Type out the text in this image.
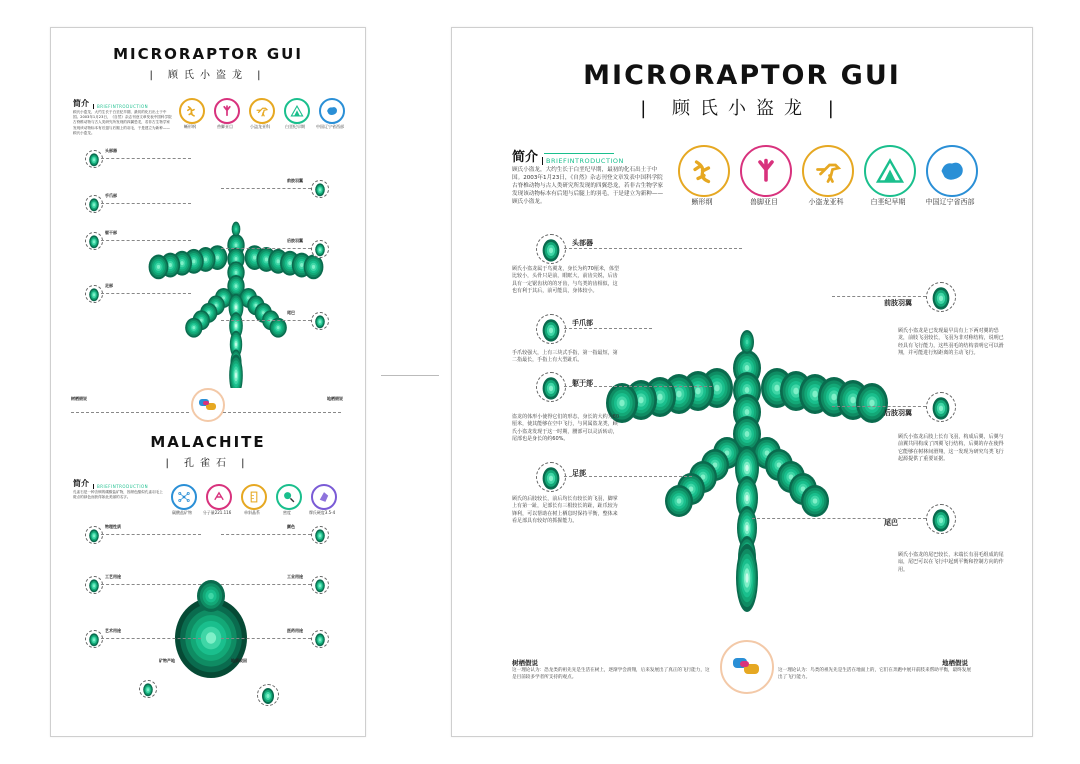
MICRORAPTOR GUI
| 顾氏小盗龙 |
简介	BRIEFINTRODUCTION
顾氏小盗龙，大约生长于白垩纪早期，最初的化石出土于中国。2003年1月23日，《自然》杂志刊登文章发表中国科学院古脊椎动物与古人类研究所发现的四翼恐龙，若非古生物学家发现该动物标本有后翅与后腿上的羽毛，于是建立为新种——顾氏小盗龙。
蜥形纲	兽脚亚目	小盗龙亚科	白垩纪早期	中国辽宁省西部
头部器
手爪部
躯干部
足部
前肢羽翼
后肢羽翼
尾巴
树栖假说	地栖假说
MALACHITE
| 孔雀石 |
简介	BRIEFINTRODUCTION
孔雀石是一种含铜的碳酸盐矿物，因颜色酷似孔雀羽毛上斑点的绿色而获得如此美丽的名字。
碳酸盐矿物	分子量221.116	单斜晶系	密度	摩氏硬度3.5-4
物理性质
工艺用途
艺术用途
颜色
工业用途
医药用途
矿物产地	地质成因
MICRORAPTOR GUI
| 顾氏小盗龙 |
简介	BRIEFINTRODUCTION
顾氏小盗龙，大约生长于白垩纪早期，最初的化石出土于中国。2003年1月23日，《自然》杂志刊登文章发表中国科学院古脊椎动物与古人类研究所发现的四翼恐龙，若非古生物学家发现该动物标本有后翅与后腿上的羽毛，于是建立为新种——顾氏小盗龙。	蜥形纲	兽脚亚目	小盗龙亚科	白垩纪早期	中国辽宁省西部
头部器
顾氏小盗龙属于鸟翼龙，身长为约70厘米，体型比较小，头骨只是前，眼眶大，前齿尖锐，后齿具有一定锯齿状的的牙齿，与鸟类的齿相似，这也有利于其后，前可能具，身体较小。
手爪部
手爪较强大，上有三块式手指，第一指最短，第二指最长，手指上有大型趾爪。
躯干部
盗龙的体形小使得它们的形态，身长的大约为80厘米，使其能够在空中飞行，与同属盗龙类，顾氏小盗龙发现于这一时期，腰部可以灵活转动，尾部也是身长的约60%。
足部
顾氏的后肢较长，前后均长有较长的飞羽，脚掌上有第一趾，足部长有三根较长的趾，趾爪较为锋利，可以帮助在树上栖息时保持平衡，整体来看足部具有较好的抓握能力。
前肢羽翼
顾氏小盗龙是已发现最早具有上下两对翼的恐龙，前肢飞羽较长，飞羽为非对称结构，说明已经具有飞行能力，这些羽毛的结构表明它可以滑翔，并可能进行短距离的主动飞行。
后肢羽翼
顾氏小盗龙后肢上长有飞羽，构成后翼，后翼与前翼共同构成了四翼飞行结构，后翼的存在使得它能够在树林间滑翔，这一发现为研究鸟类飞行起源提供了重要证据。
尾巴
顾氏小盗龙的尾巴较长，末端长有羽毛组成的尾扇，尾巴可以在飞行中起到平衡和控制方向的作用。
树栖假说
这一理论认为：恐龙类的祖先先是生活在树上，逐渐学会滑翔，后来发展出了真正的飞行能力，这是目前较多学者所支持的观点。
地栖假说
这一理论认为：鸟类的祖先先是生活在地面上的，它们在奔跑中展开前肢来帮助平衡，最终发展出了飞行能力。
